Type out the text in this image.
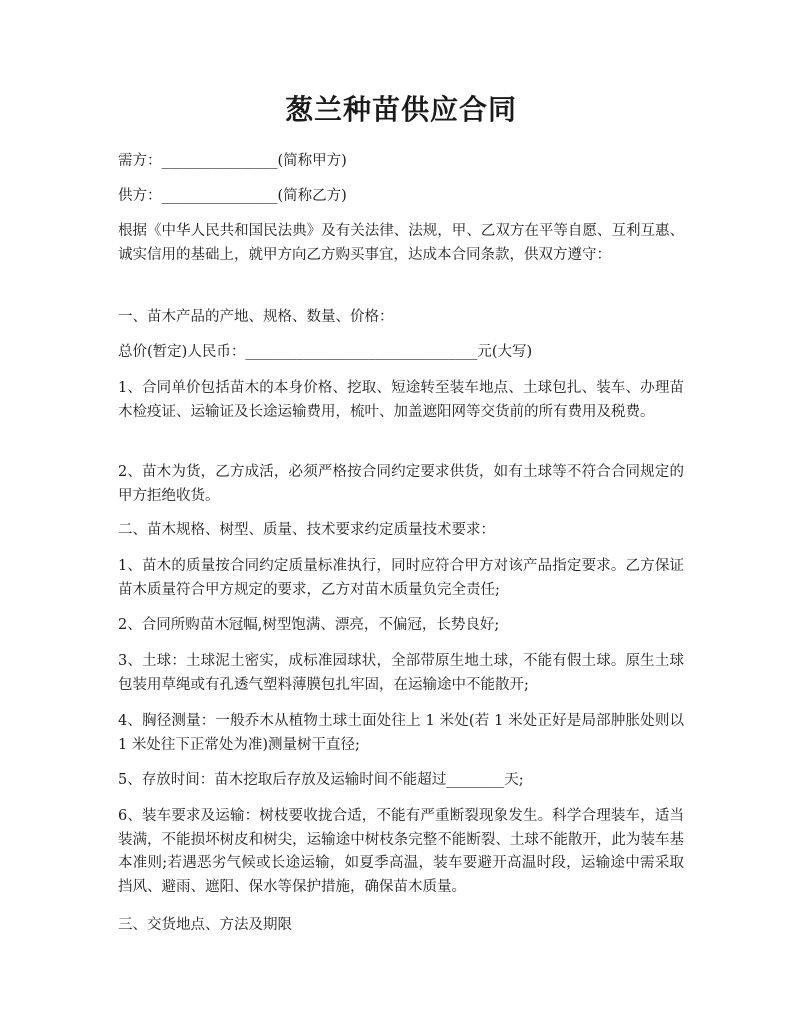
葱兰种苗供应合同

需方：________________(简称甲方)

供方：________________(简称乙方)

根据《中华人民共和国民法典》及有关法律、法规，甲、乙双方在平等自愿、互利互惠、诚实信用的基础上，就甲方向乙方购买事宜，达成本合同条款，供双方遵守：

一、苗木产品的产地、规格、数量、价格：

总价(暂定)人民币：________________________________元(大写)

1、合同单价包括苗木的本身价格、挖取、短途转至装车地点、土球包扎、装车、办理苗木检疫证、运输证及长途运输费用，梳叶、加盖遮阳网等交货前的所有费用及税费。

2、苗木为货，乙方成活，必须严格按合同约定要求供货，如有土球等不符合合同规定的甲方拒绝收货。

二、苗木规格、树型、质量、技术要求约定质量技术要求：

1、苗木的质量按合同约定质量标准执行，同时应符合甲方对该产品指定要求。乙方保证苗木质量符合甲方规定的要求，乙方对苗木质量负完全责任;

2、合同所购苗木冠幅,树型饱满、漂亮，不偏冠，长势良好;

3、土球：土球泥土密实，成标准园球状，全部带原生地土球，不能有假土球。原生土球包装用草绳或有孔透气塑料薄膜包扎牢固，在运输途中不能散开;

4、胸径测量：一般乔木从植物土球土面处往上 1 米处(若 1 米处正好是局部肿胀处则以 1 米处往下正常处为准)测量树干直径;

5、存放时间：苗木挖取后存放及运输时间不能超过________天;

6、装车要求及运输：树枝要收拢合适，不能有严重断裂现象发生。科学合理装车，适当装满，不能损坏树皮和树尖，运输途中树枝条完整不能断裂、土球不能散开，此为装车基本准则;若遇恶劣气候或长途运输，如夏季高温，装车要避开高温时段，运输途中需采取挡风、避雨、遮阳、保水等保护措施，确保苗木质量。

三、交货地点、方法及期限
